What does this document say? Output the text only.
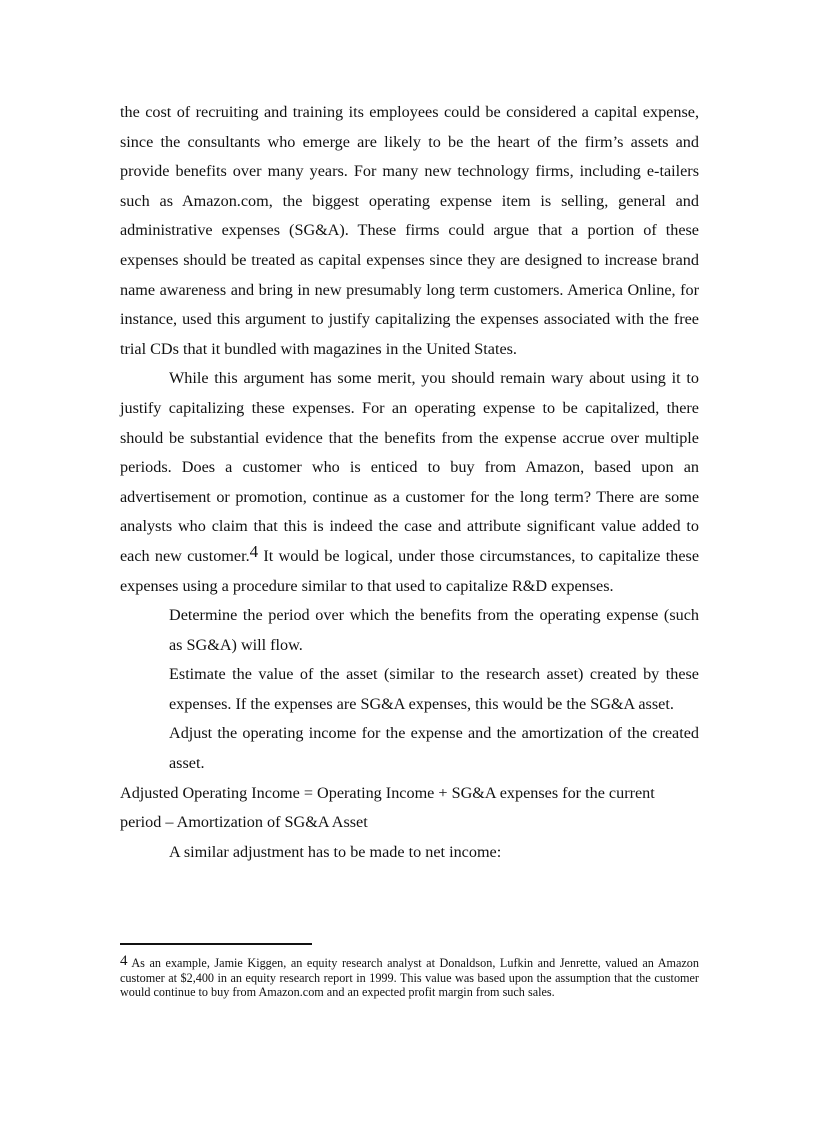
the cost of recruiting and training its employees could be considered a capital expense, since the consultants who emerge are likely to be the heart of the firm’s assets and provide benefits over many years. For many new technology firms, including e-tailers such as Amazon.com, the biggest operating expense item is selling, general and administrative expenses (SG&A). These firms could argue that a portion of these expenses should be treated as capital expenses since they are designed to increase brand name awareness and bring in new presumably long term customers. America Online, for instance, used this argument to justify capitalizing the expenses associated with the free trial CDs that it bundled with magazines in the United States.

While this argument has some merit, you should remain wary about using it to justify capitalizing these expenses. For an operating expense to be capitalized, there should be substantial evidence that the benefits from the expense accrue over multiple periods. Does a customer who is enticed to buy from Amazon, based upon an advertisement or promotion, continue as a customer for the long term? There are some analysts who claim that this is indeed the case and attribute significant value added to each new customer.4 It would be logical, under those circumstances, to capitalize these expenses using a procedure similar to that used to capitalize R&D expenses.

Determine the period over which the benefits from the operating expense (such as SG&A) will flow.

Estimate the value of the asset (similar to the research asset) created by these expenses. If the expenses are SG&A expenses, this would be the SG&A asset.

Adjust the operating income for the expense and the amortization of the created asset.

Adjusted Operating Income = Operating Income + SG&A expenses for the current period – Amortization of SG&A Asset

A similar adjustment has to be made to net income:

4 As an example, Jamie Kiggen, an equity research analyst at Donaldson, Lufkin and Jenrette, valued an Amazon customer at $2,400 in an equity research report in 1999. This value was based upon the assumption that the customer would continue to buy from Amazon.com and an expected profit margin from such sales.
